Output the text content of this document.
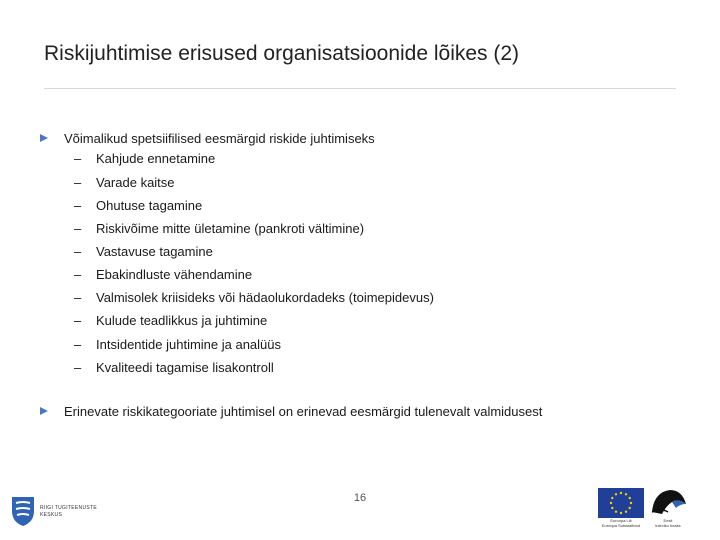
Riskijuhtimise erisused organisatsioonide lõikes (2)
Võimalikud spetsiifilised eesmärgid riskide juhtimiseks
– Kahjude ennetamine
– Varade kaitse
– Ohutuse tagamine
– Riskivõime mitte ületamine (pankroti vältimine)
– Vastavuse tagamine
– Ebakindluste vähendamine
– Valmisolek kriisideks või hädaolukordadeks (toimepidevus)
– Kulude teadlikkus ja juhtimine
– Intsidentide juhtimine ja analüüs
– Kvaliteedi tagamise lisakontroll
Erinevate riskikategooriate juhtimisel on erinevad eesmärgid tulenevalt valmidusest
16
RIIGI TUGITEENUSTE
KESKUS
Euroopa Liit
Euroopa Sotsiaalfond
Eesti
tuleviku heaks
